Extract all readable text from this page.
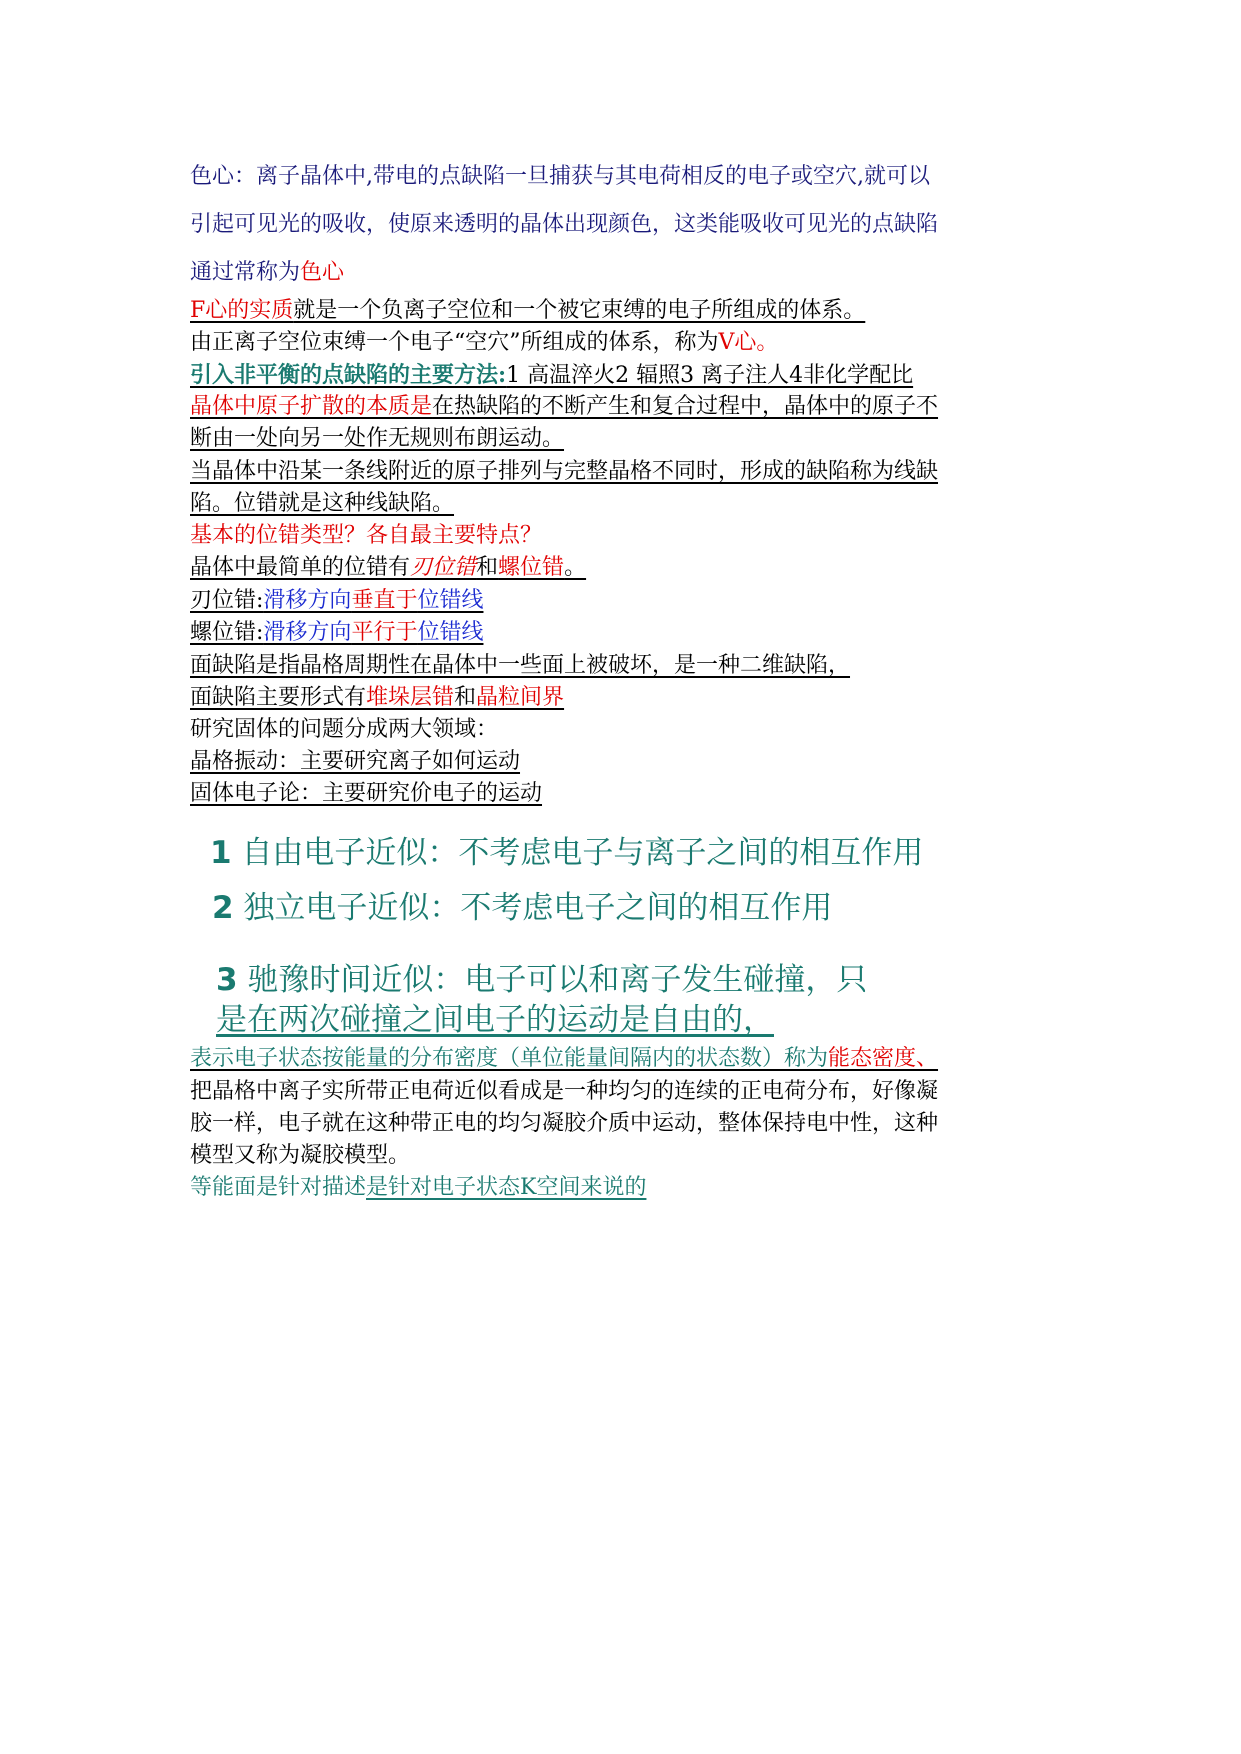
色心：离子晶体中,带电的点缺陷一旦捕获与其电荷相反的电子或空穴,就可以
引起可见光的吸收，使原来透明的晶体出现颜色，这类能吸收可见光的点缺陷
通过常称为色心
F心的实质就是一个负离子空位和一个被它束缚的电子所组成的体系。
由正离子空位束缚一个电子“空穴”所组成的体系，称为V心。
引入非平衡的点缺陷的主要方法:1 高温淬火2 辐照3 离子注人4非化学配比
晶体中原子扩散的本质是在热缺陷的不断产生和复合过程中，晶体中的原子不
断由一处向另一处作无规则布朗运动。
当晶体中沿某一条线附近的原子排列与完整晶格不同时，形成的缺陷称为线缺
陷。位错就是这种线缺陷。
基本的位错类型？各自最主要特点？
晶体中最简单的位错有刃位错和螺位错。
刃位错:滑移方向垂直于位错线
螺位错:滑移方向平行于位错线
面缺陷是指晶格周期性在晶体中一些面上被破坏，是一种二维缺陷，
面缺陷主要形式有堆垛层错和晶粒间界
研究固体的问题分成两大领域：
晶格振动：主要研究离子如何运动
固体电子论：主要研究价电子的运动
1 自由电子近似：不考虑电子与离子之间的相互作用
2 独立电子近似：不考虑电子之间的相互作用
3 驰豫时间近似：电子可以和离子发生碰撞，只
是在两次碰撞之间电子的运动是自由的，
表示电子状态按能量的分布密度（单位能量间隔内的状态数）称为能态密度、
把晶格中离子实所带正电荷近似看成是一种均匀的连续的正电荷分布，好像凝
胶一样，电子就在这种带正电的均匀凝胶介质中运动，整体保持电中性，这种
模型又称为凝胶模型。
等能面是针对描述是针对电子状态K空间来说的
